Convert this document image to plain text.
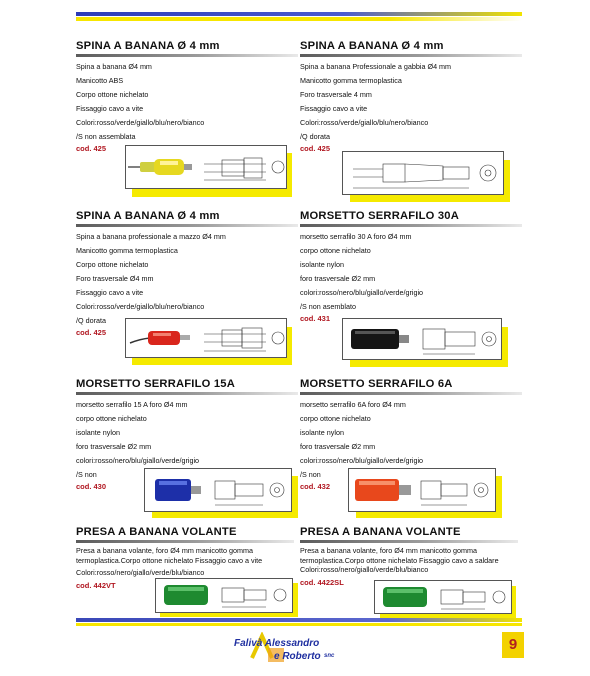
SPINA A BANANA Ø 4 mm
Spina a banana Ø4 mm
Manicotto ABS
Corpo ottone nichelato
Fissaggio cavo a vite
Colori:rosso/verde/giallo/blu/nero/bianco
/S non assemblata
cod. 425
SPINA A BANANA Ø 4 mm
Spina a banana Professionale a gabbia Ø4 mm
Manicotto gomma termoplastica
Foro trasversale 4 mm
Fissaggio cavo a vite
Colori:rosso/verde/giallo/blu/nero/bianco
/Q dorata
cod. 425
SPINA A BANANA Ø 4 mm
Spina a banana professionale a mazzo Ø4 mm
Manicotto gomma termoplastica
Corpo ottone nichelato
Foro trasversale Ø4 mm
Fissaggio cavo a vite
Colori:rosso/verde/giallo/blu/nero/bianco
/Q dorata
cod. 425
MORSETTO SERRAFILO 30A
morsetto serrafilo 30 A foro Ø4 mm
corpo ottone nichelato
isolante nylon
foro trasversale Ø2 mm
colori:rosso/nero/blu/giallo/verde/grigio
/S non asemblato
cod. 431
MORSETTO SERRAFILO 15A
morsetto serrafilo 15 A foro Ø4 mm
corpo ottone nichelato
isolante nylon
foro trasversale Ø2 mm
colori:rosso/nero/blu/giallo/verde/grigio
/S non
cod. 430
MORSETTO SERRAFILO 6A
morsetto serrafilo 6A foro Ø4 mm
corpo ottone nichelato
isolante nylon
foro trasversale Ø2 mm
colori:rosso/nero/blu/giallo/verde/grigio
/S non
cod. 432
PRESA A BANANA VOLANTE
Presa a banana volante, foro Ø4 mm manicotto gomma termoplastica.Corpo ottone nichelato Fissaggio cavo a vite
Colori:rosso/nero/giallo/verde/blu/bianco
cod. 442VT
PRESA A BANANA VOLANTE
Presa a banana volante, foro Ø4 mm manicotto gomma termoplastica.Corpo ottone nichelato Fissaggio cavo a saldare
Colori:rosso/nero/giallo/verde/blu/bianco
cod. 4422SL
Falivà Alessandro
e Roberto snc
9
